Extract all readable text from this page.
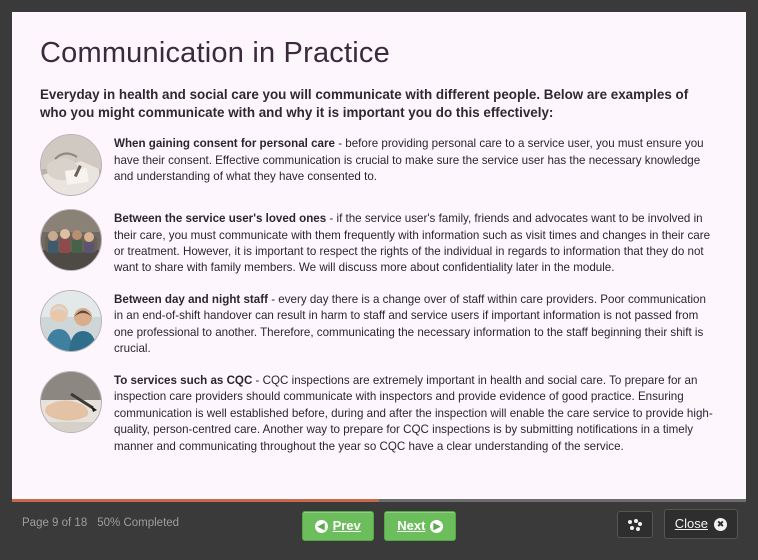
Communication in Practice

Everyday in health and social care you will communicate with different people. Below are examples of who you might communicate with and why it is important you do this effectively:

When gaining consent for personal care - before providing personal care to a service user, you must ensure you have their consent. Effective communication is crucial to make sure the service user has the necessary knowledge and understanding of what they have consented to.
Between the service user's loved ones - if the service user's family, friends and advocates want to be involved in their care, you must communicate with them frequently with information such as visit times and changes in their care or treatment. However, it is important to respect the rights of the individual in regards to information that they do not want to share with family members. We will discuss more about confidentiality later in the module.
Between day and night staff - every day there is a change over of staff within care providers. Poor communication in an end-of-shift handover can result in harm to staff and service users if important information is not passed from one professional to another. Therefore, communicating the necessary information to the staff beginning their shift is crucial.
To services such as CQC - CQC inspections are extremely important in health and social care. To prepare for an inspection care providers should communicate with inspectors and provide evidence of good practice. Ensuring communication is well established before, during and after the inspection will enable the care service to provide high-quality, person-centred care. Another way to prepare for CQC inspections is by submitting notifications in a timely manner and communicating throughout the year so CQC have a clear understanding of the service.
Page 9 of 18 50% Completed	◀ Prev	Next ▶	Close ✖
